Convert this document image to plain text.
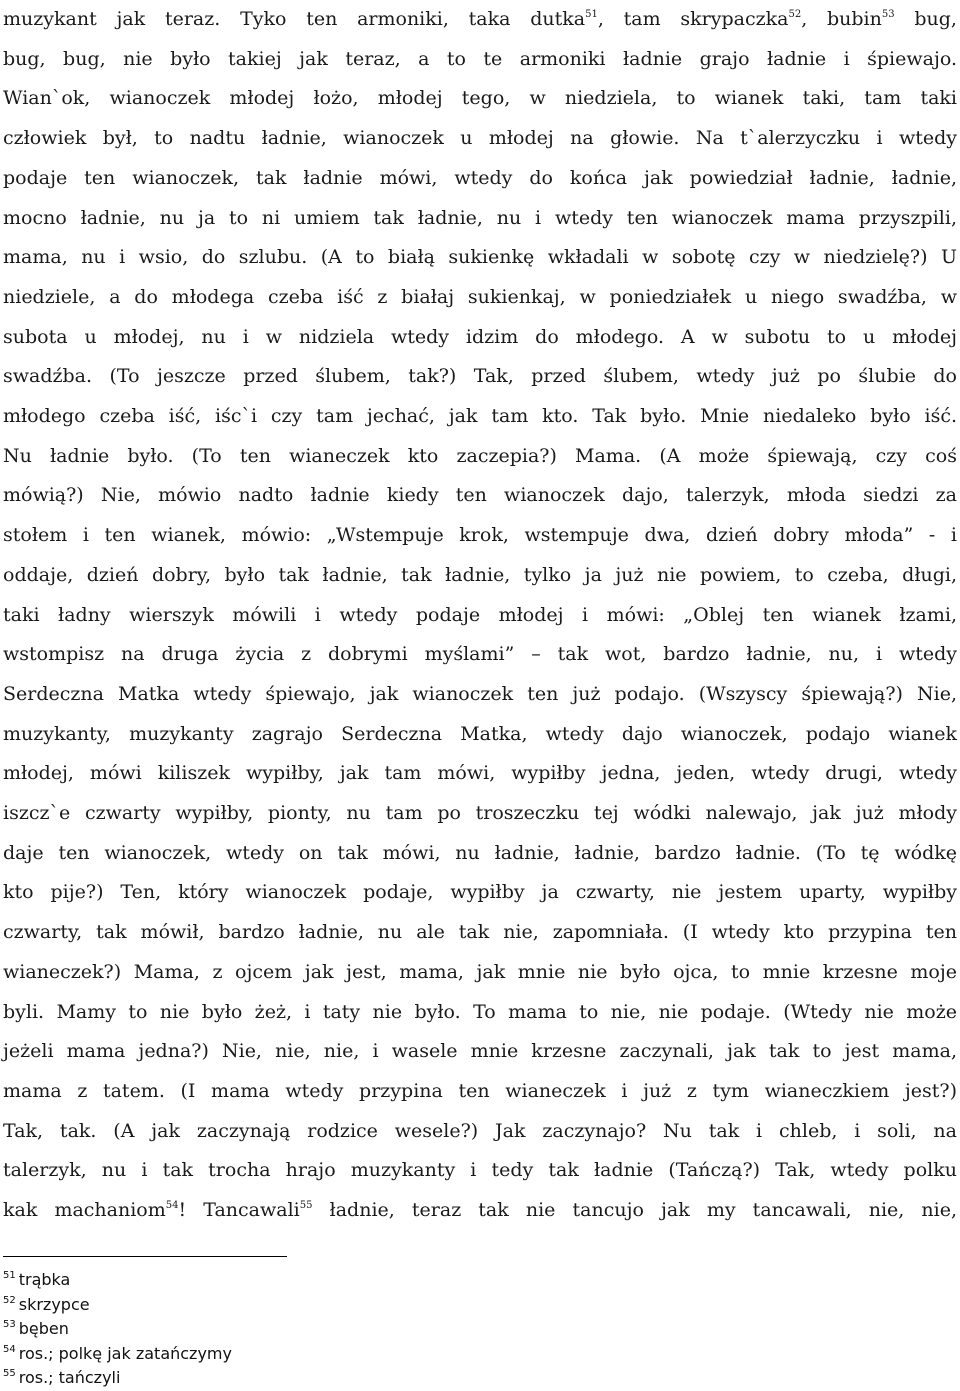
muzykant jak teraz. Tyko ten armoniki, taka dutka$^{51}$, tam skrypaczka$^{52}$, bubin$^{53}$ bug,
bug, bug, nie było takiej jak teraz, a to te armoniki ładnie grajo ładnie i śpiewajo.
Wian`ok, wianoczek młodej łożo, młodej tego, w niedziela, to wianek taki, tam taki
człowiek był, to nadtu ładnie, wianoczek u młodej na głowie. Na t`alerzyczku i wtedy
podaje ten wianoczek, tak ładnie mówi, wtedy do końca jak powiedział ładnie, ładnie,
mocno ładnie, nu ja to ni umiem tak ładnie, nu i wtedy ten wianoczek mama przyszpili,
mama, nu i wsio, do szlubu. (A to białą sukienkę wkładali w sobotę czy w niedzielę?) U
niedziele, a do młodega czeba iść z białaj sukienkaj, w poniedziałek u niego swadźba, w
subota u młodej, nu i w nidziela wtedy idzim do młodego. A w subotu to u młodej
swadźba. (To jeszcze przed ślubem, tak?) Tak, przed ślubem, wtedy już po ślubie do
młodego czeba iść, iśc`i czy tam jechać, jak tam kto. Tak było. Mnie niedaleko było iść.
Nu ładnie było. (To ten wianeczek kto zaczepia?) Mama. (A może śpiewają, czy coś
mówią?) Nie, mówio nadto ładnie kiedy ten wianoczek dajo, talerzyk, młoda siedzi za
stołem i ten wianek, mówio: „Wstempuje krok, wstempuje dwa, dzień dobry młoda” - i
oddaje, dzień dobry, było tak ładnie, tak ładnie, tylko ja już nie powiem, to czeba, długi,
taki ładny wierszyk mówili i wtedy podaje młodej i mówi: „Oblej ten wianek łzami,
wstompisz na druga życia z dobrymi myślami” – tak wot, bardzo ładnie, nu, i wtedy
Serdeczna Matka wtedy śpiewajo, jak wianoczek ten już podajo. (Wszyscy śpiewają?) Nie,
muzykanty, muzykanty zagrajo Serdeczna Matka, wtedy dajo wianoczek, podajo wianek
młodej, mówi kiliszek wypiłby, jak tam mówi, wypiłby jedna, jeden, wtedy drugi, wtedy
iszcz`e czwarty wypiłby, pionty, nu tam po troszeczku tej wódki nalewajo, jak już młody
daje ten wianoczek, wtedy on tak mówi, nu ładnie, ładnie, bardzo ładnie. (To tę wódkę
kto pije?) Ten, który wianoczek podaje, wypiłby ja czwarty, nie jestem uparty, wypiłby
czwarty, tak mówił, bardzo ładnie, nu ale tak nie, zapomniała. (I wtedy kto przypina ten
wianeczek?) Mama, z ojcem jak jest, mama, jak mnie nie było ojca, to mnie krzesne moje
byli. Mamy to nie było żeż, i taty nie było. To mama to nie, nie podaje. (Wtedy nie może
jeżeli mama jedna?) Nie, nie, nie, i wasele mnie krzesne zaczynali, jak tak to jest mama,
mama z tatem. (I mama wtedy przypina ten wianeczek i już z tym wianeczkiem jest?)
Tak, tak. (A jak zaczynają rodzice wesele?) Jak zaczynajo? Nu tak i chleb, i soli, na
talerzyk, nu i tak trocha hrajo muzykanty i tedy tak ładnie (Tańczą?) Tak, wtedy polku
kak machaniom$^{54}$! Tancawali$^{55}$ ładnie, teraz tak nie tancujo jak my tancawali, nie, nie,
$^{51}$ trąbka
$^{52}$ skrzypce
$^{53}$ bęben
$^{54}$ ros.; polkę jak zatańczymy
$^{55}$ ros.; tańczyli
